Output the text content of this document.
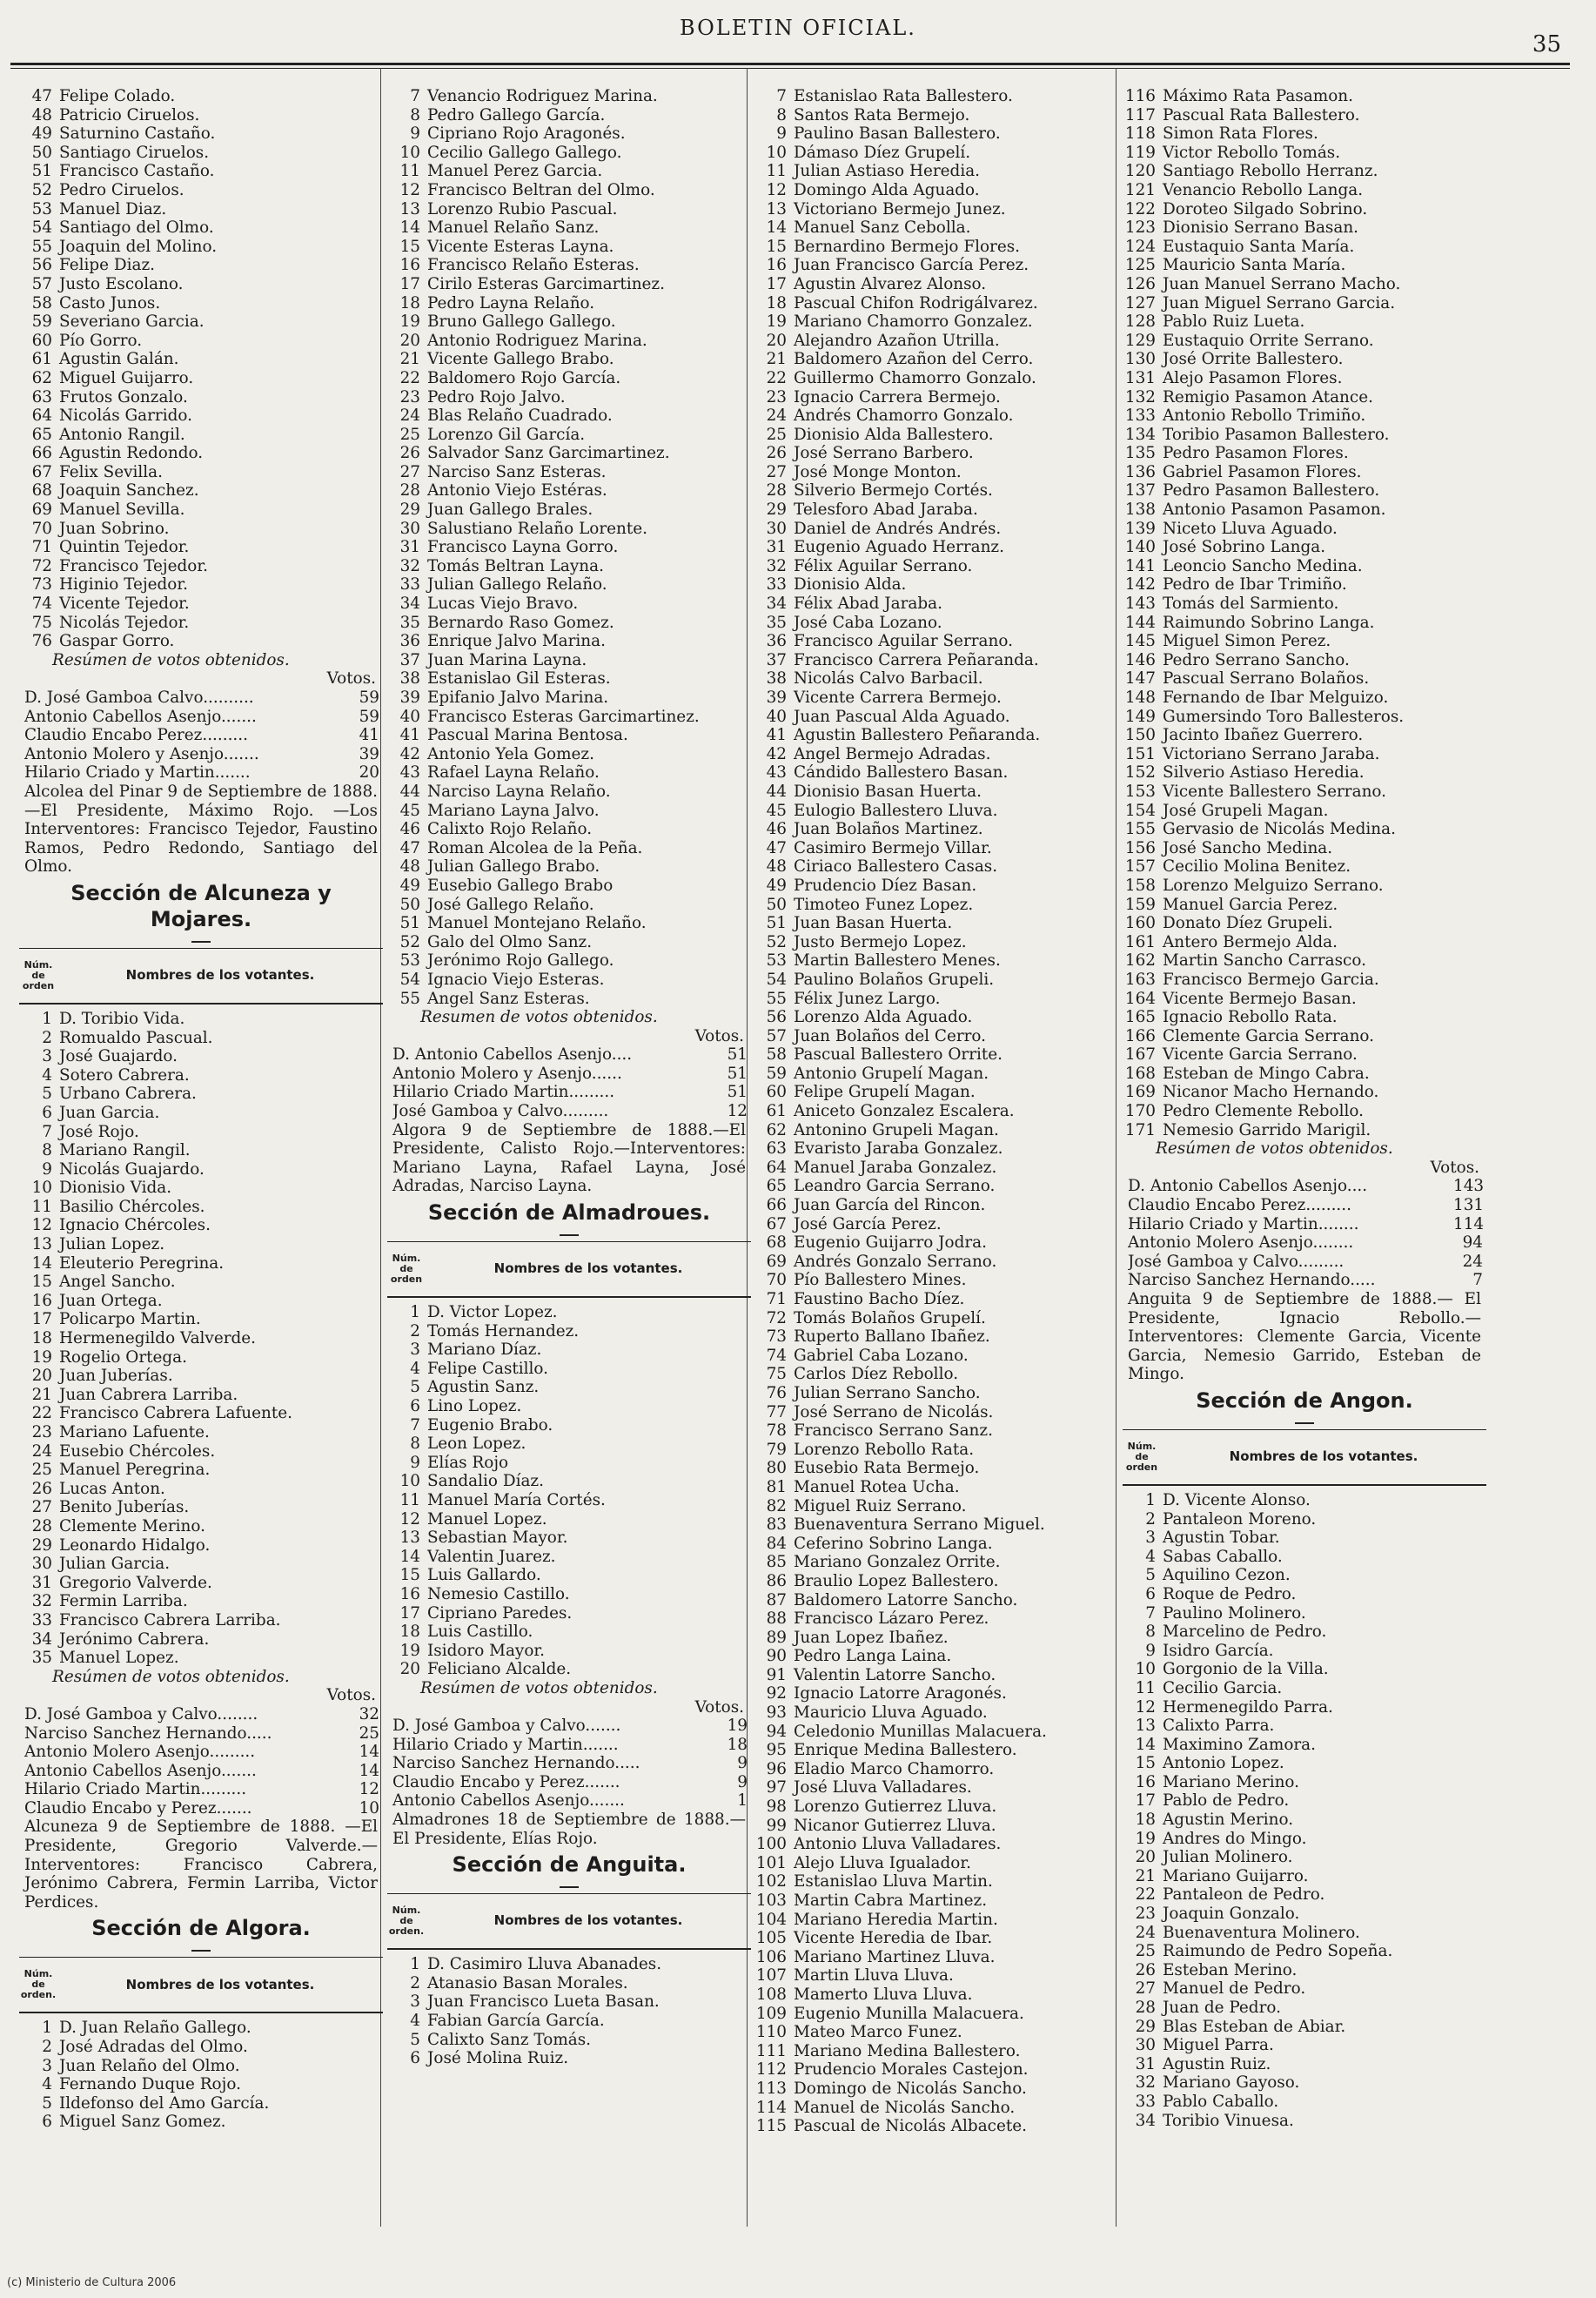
BOLETIN OFICIAL.
35
47 Felipe Colado.
48 Patricio Ciruelos.
49 Saturnino Castaño.
50 Santiago Ciruelos.
51 Francisco Castaño.
52 Pedro Ciruelos.
53 Manuel Diaz.
54 Santiago del Olmo.
55 Joaquin del Molino.
56 Felipe Diaz.
57 Justo Escolano.
58 Casto Junos.
59 Severiano Garcia.
60 Pío Gorro.
61 Agustin Galán.
62 Miguel Guijarro.
63 Frutos Gonzalo.
64 Nicolás Garrido.
65 Antonio Rangil.
66 Agustin Redondo.
67 Felix Sevilla.
68 Joaquin Sanchez.
69 Manuel Sevilla.
70 Juan Sobrino.
71 Quintin Tejedor.
72 Francisco Tejedor.
73 Higinio Tejedor.
74 Vicente Tejedor.
75 Nicolás Tejedor.
76 Gaspar Gorro.
Resúmen de votos obtenidos.
Votos.
D. José Gamboa Calvo..........	59
Antonio Cabellos Asenjo.......	59
Claudio Encabo Perez.........	41
Antonio Molero y Asenjo.......	39
Hilario Criado y Martin.......	20
Alcolea del Pinar 9 de Septiembre de 1888.—El Presidente, Máximo Rojo. —Los Interventores: Francisco Tejedor, Faustino Ramos, Pedro Redondo, Santiago del Olmo.
Sección de Alcuneza y Mojares.
Núm. de orden
Nombres de los votantes.
1 D. Toribio Vida.
2 Romualdo Pascual.
3 José Guajardo.
4 Sotero Cabrera.
5 Urbano Cabrera.
6 Juan Garcia.
7 José Rojo.
8 Mariano Rangil.
9 Nicolás Guajardo.
10 Dionisio Vida.
11 Basilio Chércoles.
12 Ignacio Chércoles.
13 Julian Lopez.
14 Eleuterio Peregrina.
15 Angel Sancho.
16 Juan Ortega.
17 Policarpo Martin.
18 Hermenegildo Valverde.
19 Rogelio Ortega.
20 Juan Juberías.
21 Juan Cabrera Larriba.
22 Francisco Cabrera Lafuente.
23 Mariano Lafuente.
24 Eusebio Chércoles.
25 Manuel Peregrina.
26 Lucas Anton.
27 Benito Juberías.
28 Clemente Merino.
29 Leonardo Hidalgo.
30 Julian Garcia.
31 Gregorio Valverde.
32 Fermin Larriba.
33 Francisco Cabrera Larriba.
34 Jerónimo Cabrera.
35 Manuel Lopez.
Resúmen de votos obtenidos.
Votos.
D. José Gamboa y Calvo........	32
Narciso Sanchez Hernando.....	25
Antonio Molero Asenjo.........	14
Antonio Cabellos Asenjo.......	14
Hilario Criado Martin.........	12
Claudio Encabo y Perez.......	10
Alcuneza 9 de Septiembre de 1888. —El Presidente, Gregorio Valverde.— Interventores: Francisco Cabrera, Jerónimo Cabrera, Fermin Larriba, Victor Perdices.
Sección de Algora.
Núm. de orden.
Nombres de los votantes.
1 D. Juan Relaño Gallego.
2 José Adradas del Olmo.
3 Juan Relaño del Olmo.
4 Fernando Duque Rojo.
5 Ildefonso del Amo García.
6 Miguel Sanz Gomez.
7 Venancio Rodriguez Marina.
8 Pedro Gallego García.
9 Cipriano Rojo Aragonés.
10 Cecilio Gallego Gallego.
11 Manuel Perez Garcia.
12 Francisco Beltran del Olmo.
13 Lorenzo Rubio Pascual.
14 Manuel Relaño Sanz.
15 Vicente Esteras Layna.
16 Francisco Relaño Esteras.
17 Cirilo Esteras Garcimartinez.
18 Pedro Layna Relaño.
19 Bruno Gallego Gallego.
20 Antonio Rodriguez Marina.
21 Vicente Gallego Brabo.
22 Baldomero Rojo García.
23 Pedro Rojo Jalvo.
24 Blas Relaño Cuadrado.
25 Lorenzo Gil García.
26 Salvador Sanz Garcimartinez.
27 Narciso Sanz Esteras.
28 Antonio Viejo Estéras.
29 Juan Gallego Brales.
30 Salustiano Relaño Lorente.
31 Francisco Layna Gorro.
32 Tomás Beltran Layna.
33 Julian Gallego Relaño.
34 Lucas Viejo Bravo.
35 Bernardo Raso Gomez.
36 Enrique Jalvo Marina.
37 Juan Marina Layna.
38 Estanislao Gil Esteras.
39 Epifanio Jalvo Marina.
40 Francisco Esteras Garcimartinez.
41 Pascual Marina Bentosa.
42 Antonio Yela Gomez.
43 Rafael Layna Relaño.
44 Narciso Layna Relaño.
45 Mariano Layna Jalvo.
46 Calixto Rojo Relaño.
47 Roman Alcolea de la Peña.
48 Julian Gallego Brabo.
49 Eusebio Gallego Brabo
50 José Gallego Relaño.
51 Manuel Montejano Relaño.
52 Galo del Olmo Sanz.
53 Jerónimo Rojo Gallego.
54 Ignacio Viejo Esteras.
55 Angel Sanz Esteras.
Resumen de votos obtenidos.
Votos.
D. Antonio Cabellos Asenjo....	51
Antonio Molero y Asenjo......	51
Hilario Criado Martin.........	51
José Gamboa y Calvo.........	12
Algora 9 de Septiembre de 1888.—El Presidente, Calisto Rojo.—Interventores: Mariano Layna, Rafael Layna, José Adradas, Narciso Layna.
Sección de Almadroues.
Núm. de orden
Nombres de los votantes.
1 D. Victor Lopez.
2 Tomás Hernandez.
3 Mariano Díaz.
4 Felipe Castillo.
5 Agustin Sanz.
6 Lino Lopez.
7 Eugenio Brabo.
8 Leon Lopez.
9 Elías Rojo
10 Sandalio Díaz.
11 Manuel María Cortés.
12 Manuel Lopez.
13 Sebastian Mayor.
14 Valentin Juarez.
15 Luis Gallardo.
16 Nemesio Castillo.
17 Cipriano Paredes.
18 Luis Castillo.
19 Isidoro Mayor.
20 Feliciano Alcalde.
Resúmen de votos obtenidos.
Votos.
D. José Gamboa y Calvo.......	19
Hilario Criado y Martin.......	18
Narciso Sanchez Hernando.....	9
Claudio Encabo y Perez.......	9
Antonio Cabellos Asenjo.......	1
Almadrones 18 de Septiembre de 1888.—El Presidente, Elías Rojo.
Sección de Anguita.
Núm. de orden.
Nombres de los votantes.
1 D. Casimiro Lluva Abanades.
2 Atanasio Basan Morales.
3 Juan Francisco Lueta Basan.
4 Fabian García García.
5 Calixto Sanz Tomás.
6 José Molina Ruiz.
7 Estanislao Rata Ballestero.
8 Santos Rata Bermejo.
9 Paulino Basan Ballestero.
10 Dámaso Díez Grupelí.
11 Julian Astiaso Heredia.
12 Domingo Alda Aguado.
13 Victoriano Bermejo Junez.
14 Manuel Sanz Cebolla.
15 Bernardino Bermejo Flores.
16 Juan Francisco García Perez.
17 Agustin Alvarez Alonso.
18 Pascual Chifon Rodrigálvarez.
19 Mariano Chamorro Gonzalez.
20 Alejandro Azañon Utrilla.
21 Baldomero Azañon del Cerro.
22 Guillermo Chamorro Gonzalo.
23 Ignacio Carrera Bermejo.
24 Andrés Chamorro Gonzalo.
25 Dionisio Alda Ballestero.
26 José Serrano Barbero.
27 José Monge Monton.
28 Silverio Bermejo Cortés.
29 Telesforo Abad Jaraba.
30 Daniel de Andrés Andrés.
31 Eugenio Aguado Herranz.
32 Félix Aguilar Serrano.
33 Dionisio Alda.
34 Félix Abad Jaraba.
35 José Caba Lozano.
36 Francisco Aguilar Serrano.
37 Francisco Carrera Peñaranda.
38 Nicolás Calvo Barbacil.
39 Vicente Carrera Bermejo.
40 Juan Pascual Alda Aguado.
41 Agustin Ballestero Peñaranda.
42 Angel Bermejo Adradas.
43 Cándido Ballestero Basan.
44 Dionisio Basan Huerta.
45 Eulogio Ballestero Lluva.
46 Juan Bolaños Martinez.
47 Casimiro Bermejo Villar.
48 Ciriaco Ballestero Casas.
49 Prudencio Díez Basan.
50 Timoteo Funez Lopez.
51 Juan Basan Huerta.
52 Justo Bermejo Lopez.
53 Martin Ballestero Menes.
54 Paulino Bolaños Grupeli.
55 Félix Junez Largo.
56 Lorenzo Alda Aguado.
57 Juan Bolaños del Cerro.
58 Pascual Ballestero Orrite.
59 Antonio Grupelí Magan.
60 Felipe Grupelí Magan.
61 Aniceto Gonzalez Escalera.
62 Antonino Grupeli Magan.
63 Evaristo Jaraba Gonzalez.
64 Manuel Jaraba Gonzalez.
65 Leandro Garcia Serrano.
66 Juan García del Rincon.
67 José García Perez.
68 Eugenio Guijarro Jodra.
69 Andrés Gonzalo Serrano.
70 Pío Ballestero Mines.
71 Faustino Bacho Díez.
72 Tomás Bolaños Grupelí.
73 Ruperto Ballano Ibañez.
74 Gabriel Caba Lozano.
75 Carlos Díez Rebollo.
76 Julian Serrano Sancho.
77 José Serrano de Nicolás.
78 Francisco Serrano Sanz.
79 Lorenzo Rebollo Rata.
80 Eusebio Rata Bermejo.
81 Manuel Rotea Ucha.
82 Miguel Ruiz Serrano.
83 Buenaventura Serrano Miguel.
84 Ceferino Sobrino Langa.
85 Mariano Gonzalez Orrite.
86 Braulio Lopez Ballestero.
87 Baldomero Latorre Sancho.
88 Francisco Lázaro Perez.
89 Juan Lopez Ibañez.
90 Pedro Langa Laina.
91 Valentin Latorre Sancho.
92 Ignacio Latorre Aragonés.
93 Mauricio Lluva Aguado.
94 Celedonio Munillas Malacuera.
95 Enrique Medina Ballestero.
96 Eladio Marco Chamorro.
97 José Lluva Valladares.
98 Lorenzo Gutierrez Lluva.
99 Nicanor Gutierrez Lluva.
100 Antonio Lluva Valladares.
101 Alejo Lluva Igualador.
102 Estanislao Lluva Martin.
103 Martin Cabra Martinez.
104 Mariano Heredia Martin.
105 Vicente Heredia de Ibar.
106 Mariano Martinez Lluva.
107 Martin Lluva Lluva.
108 Mamerto Lluva Lluva.
109 Eugenio Munilla Malacuera.
110 Mateo Marco Funez.
111 Mariano Medina Ballestero.
112 Prudencio Morales Castejon.
113 Domingo de Nicolás Sancho.
114 Manuel de Nicolás Sancho.
115 Pascual de Nicolás Albacete.
116 Máximo Rata Pasamon.
117 Pascual Rata Ballestero.
118 Simon Rata Flores.
119 Victor Rebollo Tomás.
120 Santiago Rebollo Herranz.
121 Venancio Rebollo Langa.
122 Doroteo Silgado Sobrino.
123 Dionisio Serrano Basan.
124 Eustaquio Santa María.
125 Mauricio Santa María.
126 Juan Manuel Serrano Macho.
127 Juan Miguel Serrano Garcia.
128 Pablo Ruiz Lueta.
129 Eustaquio Orrite Serrano.
130 José Orrite Ballestero.
131 Alejo Pasamon Flores.
132 Remigio Pasamon Atance.
133 Antonio Rebollo Trimiño.
134 Toribio Pasamon Ballestero.
135 Pedro Pasamon Flores.
136 Gabriel Pasamon Flores.
137 Pedro Pasamon Ballestero.
138 Antonio Pasamon Pasamon.
139 Niceto Lluva Aguado.
140 José Sobrino Langa.
141 Leoncio Sancho Medina.
142 Pedro de Ibar Trimiño.
143 Tomás del Sarmiento.
144 Raimundo Sobrino Langa.
145 Miguel Simon Perez.
146 Pedro Serrano Sancho.
147 Pascual Serrano Bolaños.
148 Fernando de Ibar Melguizo.
149 Gumersindo Toro Ballesteros.
150 Jacinto Ibañez Guerrero.
151 Victoriano Serrano Jaraba.
152 Silverio Astiaso Heredia.
153 Vicente Ballestero Serrano.
154 José Grupeli Magan.
155 Gervasio de Nicolás Medina.
156 José Sancho Medina.
157 Cecilio Molina Benitez.
158 Lorenzo Melguizo Serrano.
159 Manuel Garcia Perez.
160 Donato Díez Grupeli.
161 Antero Bermejo Alda.
162 Martin Sancho Carrasco.
163 Francisco Bermejo Garcia.
164 Vicente Bermejo Basan.
165 Ignacio Rebollo Rata.
166 Clemente Garcia Serrano.
167 Vicente Garcia Serrano.
168 Esteban de Mingo Cabra.
169 Nicanor Macho Hernando.
170 Pedro Clemente Rebollo.
171 Nemesio Garrido Marigil.
Resúmen de votos obtenidos.
Votos.
D. Antonio Cabellos Asenjo....	143
Claudio Encabo Perez.........	131
Hilario Criado y Martin........	114
Antonio Molero Asenjo........	94
José Gamboa y Calvo.........	24
Narciso Sanchez Hernando.....	7
Anguita 9 de Septiembre de 1888.— El Presidente, Ignacio Rebollo.—Interventores: Clemente Garcia, Vicente Garcia, Nemesio Garrido, Esteban de Mingo.
Sección de Angon.
Núm. de orden
Nombres de los votantes.
1 D. Vicente Alonso.
2 Pantaleon Moreno.
3 Agustin Tobar.
4 Sabas Caballo.
5 Aquilino Cezon.
6 Roque de Pedro.
7 Paulino Molinero.
8 Marcelino de Pedro.
9 Isidro García.
10 Gorgonio de la Villa.
11 Cecilio Garcia.
12 Hermenegildo Parra.
13 Calixto Parra.
14 Maximino Zamora.
15 Antonio Lopez.
16 Mariano Merino.
17 Pablo de Pedro.
18 Agustin Merino.
19 Andres do Mingo.
20 Julian Molinero.
21 Mariano Guijarro.
22 Pantaleon de Pedro.
23 Joaquin Gonzalo.
24 Buenaventura Molinero.
25 Raimundo de Pedro Sopeña.
26 Esteban Merino.
27 Manuel de Pedro.
28 Juan de Pedro.
29 Blas Esteban de Abiar.
30 Miguel Parra.
31 Agustin Ruiz.
32 Mariano Gayoso.
33 Pablo Caballo.
34 Toribio Vinuesa.
(c) Ministerio de Cultura 2006
